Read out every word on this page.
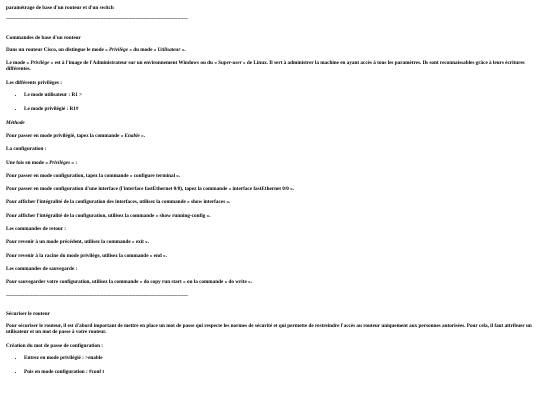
paramétrage de base d'un routeur et d'un switch

-----------------------------------------------------------------------------------------------------------------------

Commandes de base d'un routeur

Dans un routeur Cisco, on distingue le mode « Privilège » du mode « Utilisateur ».

Le mode « Privilège » est à l'image de l'Administrateur sur un environnement Windows ou du « Super-user » de Linux. Il sert à administrer la machine en ayant accès à tous les paramètres. Ils sont reconnaissables grâce à leurs écritures différentes.

Les différents privilèges :

• Le mode utilisateur : R1 >
• Le mode privilégié : R1#

Méthode

Pour passer en mode privilégié, tapez la commande « Enable ».

La configuration :

Une fois en mode « Privilèges » :

Pour passer en mode configuration, tapez la commande « configure terminal ».

Pour passer en mode configuration d'une interface (l'interface fastEthernet 0/0), tapez la commande « interface fastEthernet 0/0 ».

Pour afficher l'intégralité de la configuration des interfaces, utilisez la commande « show interfaces ».

Pour afficher l'intégralité de la configuration, utilisez la commande « show running-config ».

Les commandes de retour :

Pour revenir à un mode précédent, utilisez la commande « exit ».

Pour revenir à la racine du mode privilège, utilisez la commande « end ».

Les commandes de sauvegarde :

Pour sauvegarder votre configuration, utilisez la commande « do copy run start » ou la commande « do write ».

-----------------------------------------------------------------------------------------------------------------------

Sécuriser le routeur

Pour sécuriser le routeur, il est d'abord important de mettre en place un mot de passe qui respecte les normes de sécurité et qui permette de restreindre l'accès au routeur uniquement aux personnes autorisées. Pour cela, il faut attribuer un utilisateur et un mot de passe à votre routeur.

Création du mot de passe de configuration :

• Entrez en mode privilégié : >enable
• Puis en mode configuration : #conf t
